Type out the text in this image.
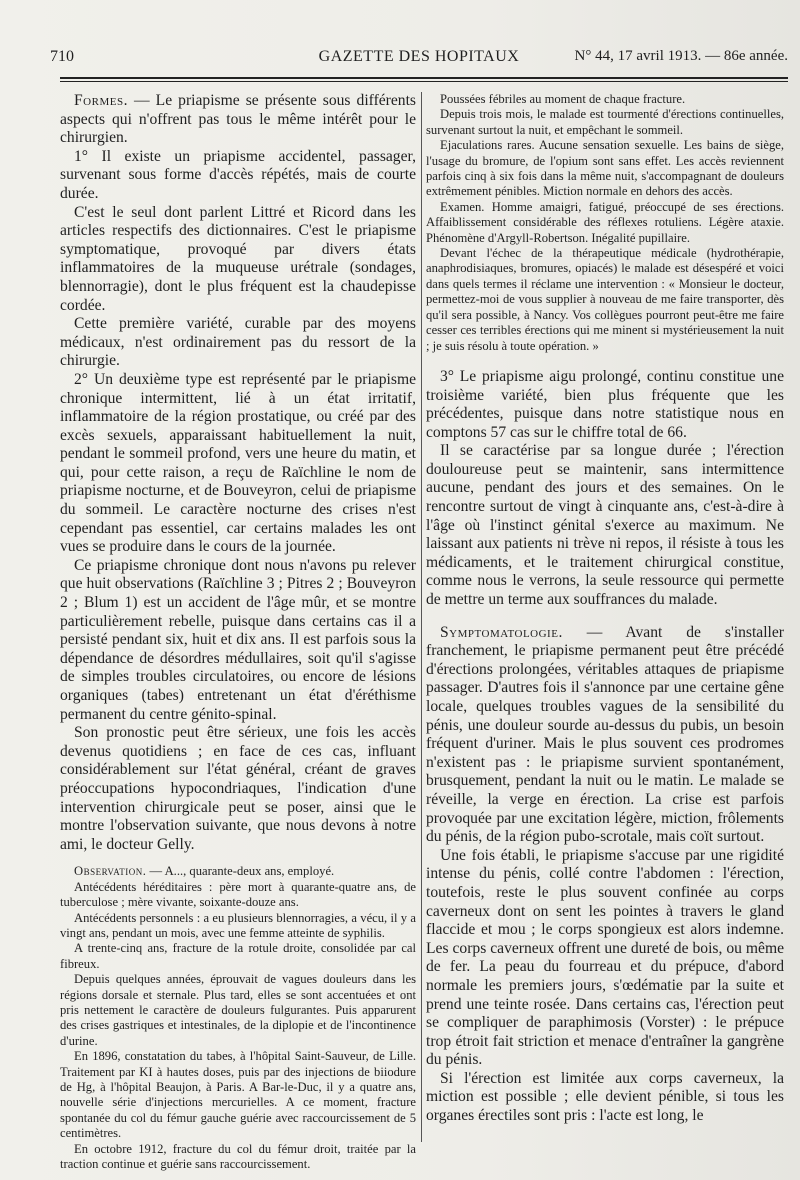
GAZETTE DES HOPITAUX
710	N° 44, 17 avril 1913. — 86e année.

Formes. — Le priapisme se présente sous différents aspects qui n'offrent pas tous le même intérêt pour le chirurgien.

1° Il existe un priapisme accidentel, passager, survenant sous forme d'accès répétés, mais de courte durée.

C'est le seul dont parlent Littré et Ricord dans les articles respectifs des dictionnaires. C'est le priapisme symptomatique, provoqué par divers états inflammatoires de la muqueuse urétrale (sondages, blennorragie), dont le plus fréquent est la chaudepisse cordée.

Cette première variété, curable par des moyens médicaux, n'est ordinairement pas du ressort de la chirurgie.

2° Un deuxième type est représenté par le priapisme chronique intermittent, lié à un état irritatif, inflammatoire de la région prostatique, ou créé par des excès sexuels, apparaissant habituellement la nuit, pendant le sommeil profond, vers une heure du matin, et qui, pour cette raison, a reçu de Raïchline le nom de priapisme nocturne, et de Bouveyron, celui de priapisme du sommeil. Le caractère nocturne des crises n'est cependant pas essentiel, car certains malades les ont vues se produire dans le cours de la journée.

Ce priapisme chronique dont nous n'avons pu relever que huit observations (Raïchline 3 ; Pitres 2 ; Bouveyron 2 ; Blum 1) est un accident de l'âge mûr, et se montre particulièrement rebelle, puisque dans certains cas il a persisté pendant six, huit et dix ans. Il est parfois sous la dépendance de désordres médullaires, soit qu'il s'agisse de simples troubles circulatoires, ou encore de lésions organiques (tabes) entretenant un état d'éréthisme permanent du centre génito-spinal.

Son pronostic peut être sérieux, une fois les accès devenus quotidiens ; en face de ces cas, influant considérablement sur l'état général, créant de graves préoccupations hypocondriaques, l'indication d'une intervention chirurgicale peut se poser, ainsi que le montre l'observation suivante, que nous devons à notre ami, le docteur Gelly.

Observation. — A..., quarante-deux ans, employé.

Antécédents héréditaires : père mort à quarante-quatre ans, de tuberculose ; mère vivante, soixante-douze ans.

Antécédents personnels : a eu plusieurs blennorragies, a vécu, il y a vingt ans, pendant un mois, avec une femme atteinte de syphilis.

A trente-cinq ans, fracture de la rotule droite, consolidée par cal fibreux.

Depuis quelques années, éprouvait de vagues douleurs dans les régions dorsale et sternale. Plus tard, elles se sont accentuées et ont pris nettement le caractère de douleurs fulgurantes. Puis apparurent des crises gastriques et intestinales, de la diplopie et de l'incontinence d'urine.

En 1896, constatation du tabes, à l'hôpital Saint-Sauveur, de Lille. Traitement par KI à hautes doses, puis par des injections de biiodure de Hg, à l'hôpital Beaujon, à Paris. A Bar-le-Duc, il y a quatre ans, nouvelle série d'injections mercurielles. A ce moment, fracture spontanée du col du fémur gauche guérie avec raccourcissement de 5 centimètres.

En octobre 1912, fracture du col du fémur droit, traitée par la traction continue et guérie sans raccourcissement.

Poussées fébriles au moment de chaque fracture.

Depuis trois mois, le malade est tourmenté d'érections continuelles, survenant surtout la nuit, et empêchant le sommeil.

Ejaculations rares. Aucune sensation sexuelle. Les bains de siège, l'usage du bromure, de l'opium sont sans effet. Les accès reviennent parfois cinq à six fois dans la même nuit, s'accompagnant de douleurs extrêmement pénibles. Miction normale en dehors des accès.

Examen. Homme amaigri, fatigué, préoccupé de ses érections. Affaiblissement considérable des réflexes rotuliens. Légère ataxie. Phénomène d'Argyll-Robertson. Inégalité pupillaire.

Devant l'échec de la thérapeutique médicale (hydrothérapie, anaphrodisiaques, bromures, opiacés) le malade est désespéré et voici dans quels termes il réclame une intervention : « Monsieur le docteur, permettez-moi de vous supplier à nouveau de me faire transporter, dès qu'il sera possible, à Nancy. Vos collègues pourront peut-être me faire cesser ces terribles érections qui me minent si mystérieusement la nuit ; je suis résolu à toute opération. »

3° Le priapisme aigu prolongé, continu constitue une troisième variété, bien plus fréquente que les précédentes, puisque dans notre statistique nous en comptons 57 cas sur le chiffre total de 66.

Il se caractérise par sa longue durée ; l'érection douloureuse peut se maintenir, sans intermittence aucune, pendant des jours et des semaines. On le rencontre surtout de vingt à cinquante ans, c'est-à-dire à l'âge où l'instinct génital s'exerce au maximum. Ne laissant aux patients ni trève ni repos, il résiste à tous les médicaments, et le traitement chirurgical constitue, comme nous le verrons, la seule ressource qui permette de mettre un terme aux souffrances du malade.

Symptomatologie. — Avant de s'installer franchement, le priapisme permanent peut être précédé d'érections prolongées, véritables attaques de priapisme passager. D'autres fois il s'annonce par une certaine gêne locale, quelques troubles vagues de la sensibilité du pénis, une douleur sourde au-dessus du pubis, un besoin fréquent d'uriner. Mais le plus souvent ces prodromes n'existent pas : le priapisme survient spontanément, brusquement, pendant la nuit ou le matin. Le malade se réveille, la verge en érection. La crise est parfois provoquée par une excitation légère, miction, frôlements du pénis, de la région pubo-scrotale, mais coït surtout.

Une fois établi, le priapisme s'accuse par une rigidité intense du pénis, collé contre l'abdomen : l'érection, toutefois, reste le plus souvent confinée au corps caverneux dont on sent les pointes à travers le gland flaccide et mou ; le corps spongieux est alors indemne. Les corps caverneux offrent une dureté de bois, ou même de fer. La peau du fourreau et du prépuce, d'abord normale les premiers jours, s'œdématie par la suite et prend une teinte rosée. Dans certains cas, l'érection peut se compliquer de paraphimosis (Vorster) : le prépuce trop étroit fait striction et menace d'entraîner la gangrène du pénis.

Si l'érection est limitée aux corps caverneux, la miction est possible ; elle devient pénible, si tous les organes érectiles sont pris : l'acte est long, le
